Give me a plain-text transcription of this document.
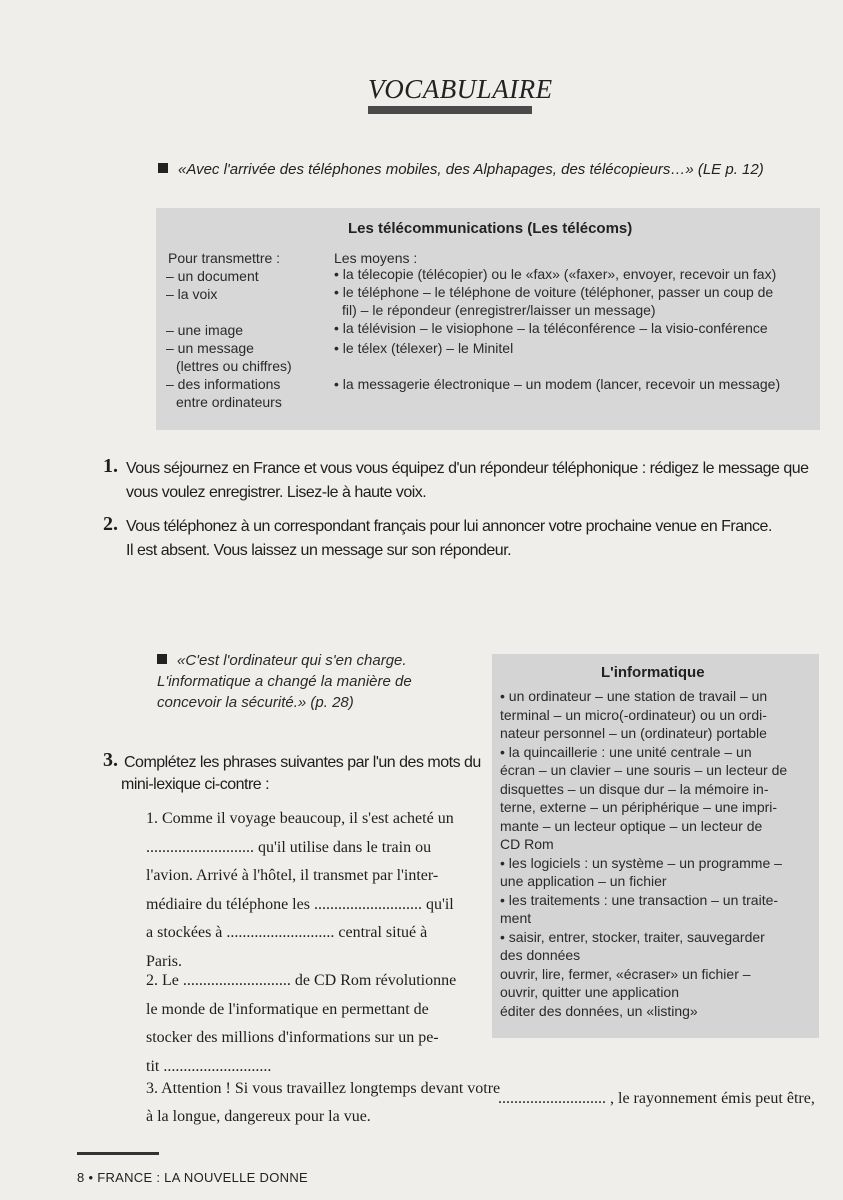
VOCABULAIRE
«Avec l'arrivée des téléphones mobiles, des Alphapages, des télécopieurs…» (LE p. 12)
Les télécommunications (Les télécoms)
Pour transmettre :
– un document
– la voix
– une image
– un message
(lettres ou chiffres)
– des informations
entre ordinateurs
Les moyens :
• la télecopie (télécopier) ou le «fax» («faxer», envoyer, recevoir un fax)
• le téléphone – le téléphone de voiture (téléphoner, passer un coup de
fil) – le répondeur (enregistrer/laisser un message)
• la télévision – le visiophone – la téléconférence – la visio-conférence
• le télex (télexer) – le Minitel
• la messagerie électronique – un modem (lancer, recevoir un message)
1. Vous séjournez en France et vous vous équipez d'un répondeur téléphonique : rédigez le message que
vous voulez enregistrer. Lisez-le à haute voix.
2. Vous téléphonez à un correspondant français pour lui annoncer votre prochaine venue en France.
Il est absent. Vous laissez un message sur son répondeur.
«C'est l'ordinateur qui s'en charge.
L'informatique a changé la manière de
concevoir la sécurité.» (p. 28)
L'informatique
• un ordinateur – une station de travail – un
terminal – un micro(-ordinateur) ou un ordi-
nateur personnel – un (ordinateur) portable
• la quincaillerie : une unité centrale – un
écran – un clavier – une souris – un lecteur de
disquettes – un disque dur – la mémoire in-
terne, externe – un périphérique – une impri-
mante – un lecteur optique – un lecteur de
CD Rom
• les logiciels : un système – un programme –
une application – un fichier
• les traitements : une transaction – un traite-
ment
• saisir, entrer, stocker, traiter, sauvegarder
des données
ouvrir, lire, fermer, «écraser» un fichier –
ouvrir, quitter une application
éditer des données, un «listing»
3. Complétez les phrases suivantes par l'un des mots du
mini-lexique ci-contre :
1. Comme il voyage beaucoup, il s'est acheté un
........................... qu'il utilise dans le train ou
l'avion. Arrivé à l'hôtel, il transmet par l'inter-
médiaire du téléphone les ........................... qu'il
a stockées à ........................... central situé à
Paris.
2. Le ........................... de CD Rom révolutionne
le monde de l'informatique en permettant de
stocker des millions d'informations sur un pe-
tit ...........................
3. Attention ! Si vous travaillez longtemps devant votre
........................... , le rayonnement émis peut être,
à la longue, dangereux pour la vue.
8 • FRANCE : LA NOUVELLE DONNE
